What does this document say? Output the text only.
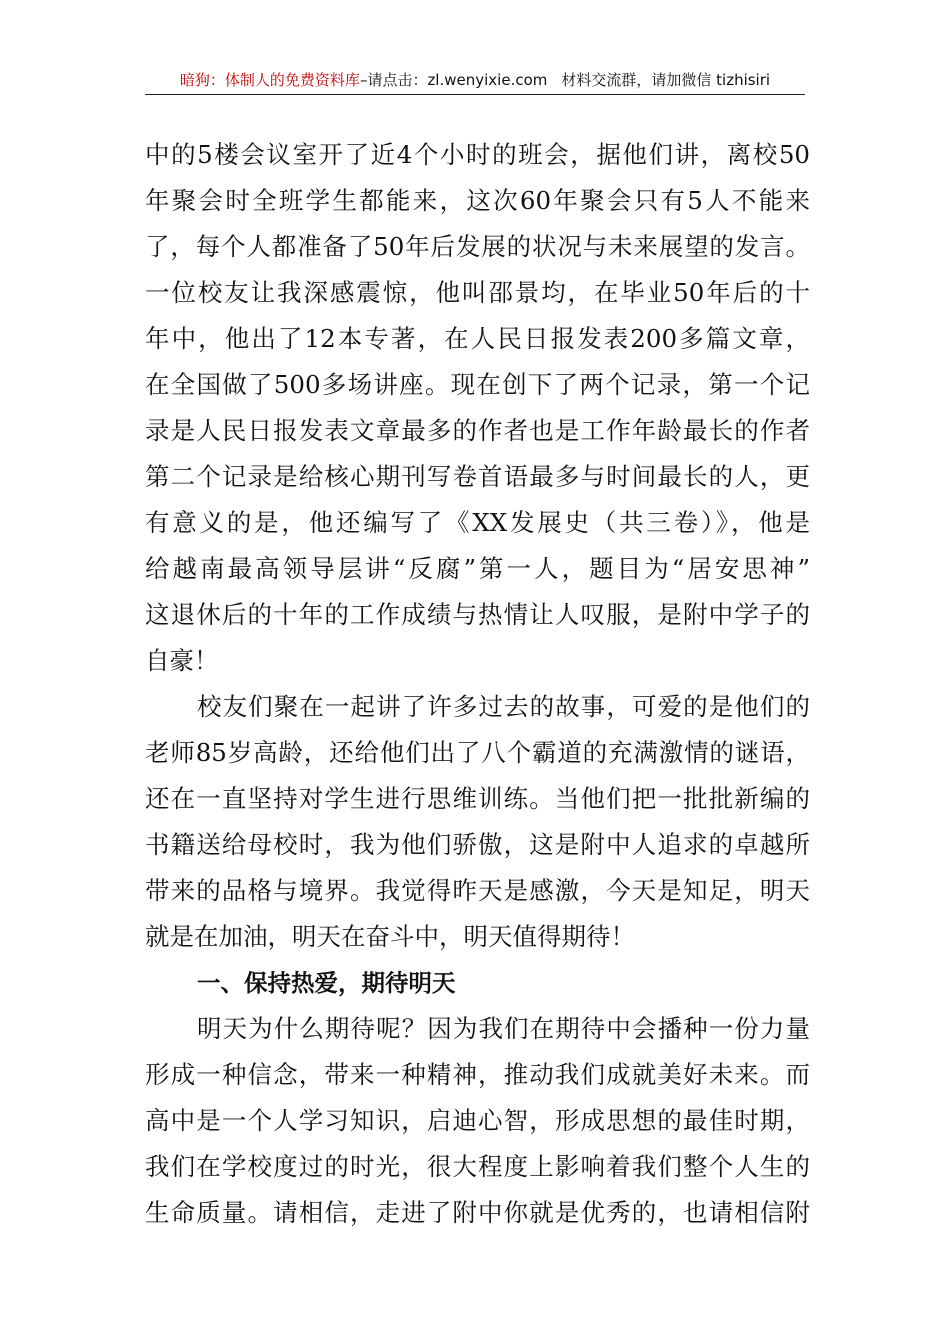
暗狗：体制人的免费资料库–请点击：zl.wenyixie.com 材料交流群，请加微信 tizhisiri
中的5楼会议室开了近4个小时的班会，据他们讲，离校50
年聚会时全班学生都能来，这次60年聚会只有5人不能来
了，每个人都准备了50年后发展的状况与未来展望的发言。
一位校友让我深感震惊，他叫邵景均，在毕业50年后的十
年中，他出了12本专著，在人民日报发表200多篇文章，
在全国做了500多场讲座。现在创下了两个记录，第一个记
录是人民日报发表文章最多的作者也是工作年龄最长的作者
第二个记录是给核心期刊写卷首语最多与时间最长的人，更
有意义的是，他还编写了《XX发展史（共三卷）》，他是
给越南最高领导层讲“反腐”第一人，题目为“居安思神”
这退休后的十年的工作成绩与热情让人叹服，是附中学子的
自豪！
校友们聚在一起讲了许多过去的故事，可爱的是他们的
老师85岁高龄，还给他们出了八个霸道的充满激情的谜语，
还在一直坚持对学生进行思维训练。当他们把一批批新编的
书籍送给母校时，我为他们骄傲，这是附中人追求的卓越所
带来的品格与境界。我觉得昨天是感激，今天是知足，明天
就是在加油，明天在奋斗中，明天值得期待！
一、保持热爱，期待明天
明天为什么期待呢？因为我们在期待中会播种一份力量
形成一种信念，带来一种精神，推动我们成就美好未来。而
高中是一个人学习知识，启迪心智，形成思想的最佳时期，
我们在学校度过的时光，很大程度上影响着我们整个人生的
生命质量。请相信，走进了附中你就是优秀的，也请相信附
